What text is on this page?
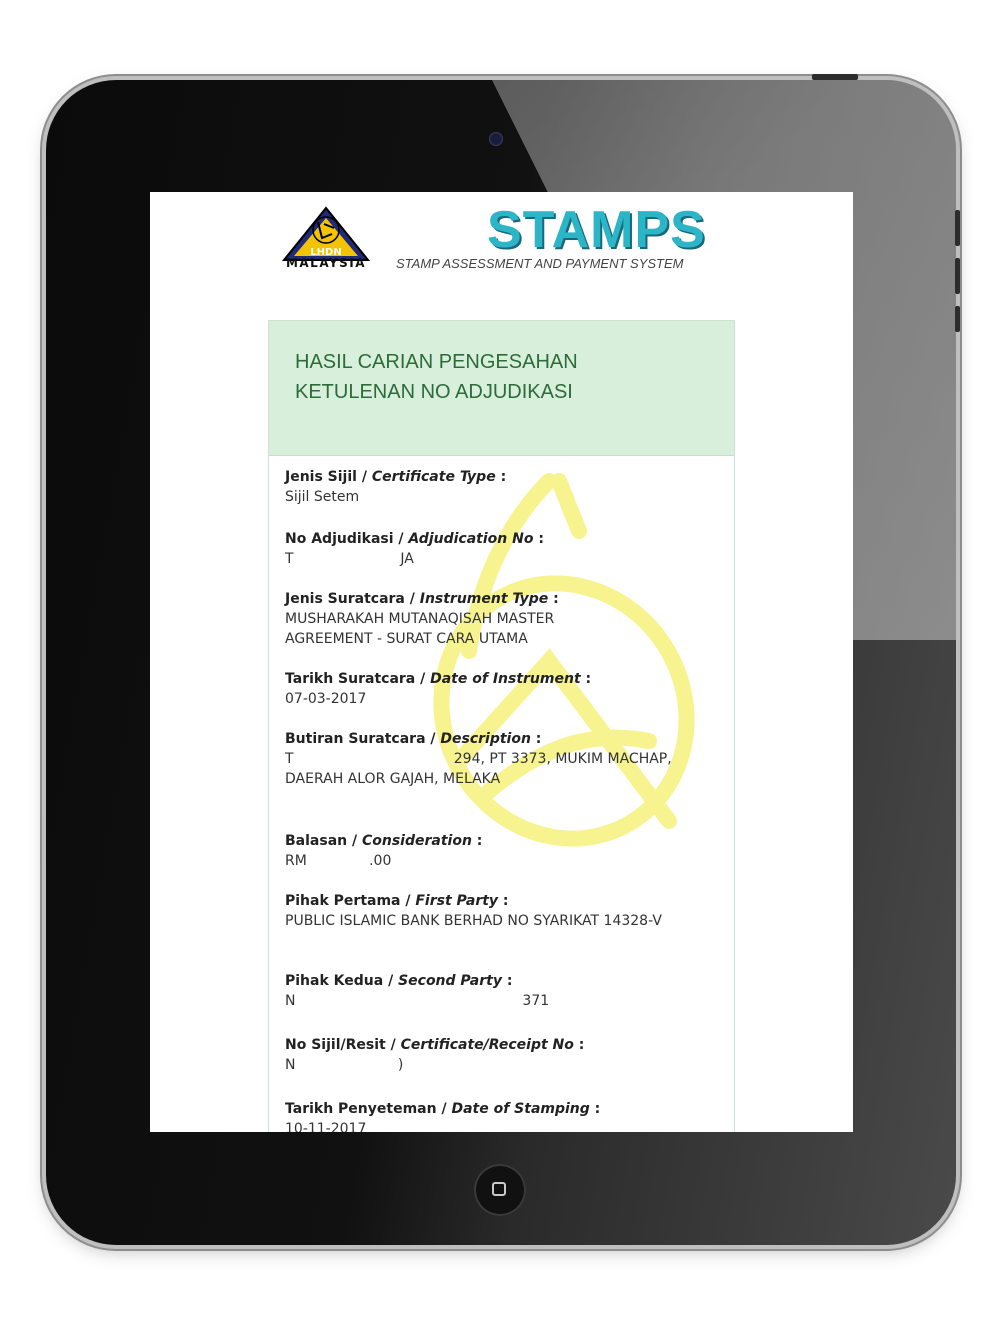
LHDN
MALAYSIA
STAMPS
STAMP ASSESSMENT AND PAYMENT SYSTEM
HASIL CARIAN PENGESAHAN KETULENAN NO ADJUDIKASI
Jenis Sijil / Certificate Type :
Sijil Setem
No Adjudikasi / Adjudication No :
T                        JA
Jenis Suratcara / Instrument Type :
MUSHARAKAH MUTANAQISAH MASTER AGREEMENT - SURAT CARA UTAMA
Tarikh Suratcara / Date of Instrument :
07-03-2017
Butiran Suratcara / Description :
T                                    294, PT 3373, MUKIM MACHAP, DAERAH ALOR GAJAH, MELAKA
Balasan / Consideration :
RM              .00
Pihak Pertama / First Party :
PUBLIC ISLAMIC BANK BERHAD NO SYARIKAT 14328-V
Pihak Kedua / Second Party :
N                                                   371
No Sijil/Resit / Certificate/Receipt No :
N                       )
Tarikh Penyeteman / Date of Stamping :
10-11-2017
